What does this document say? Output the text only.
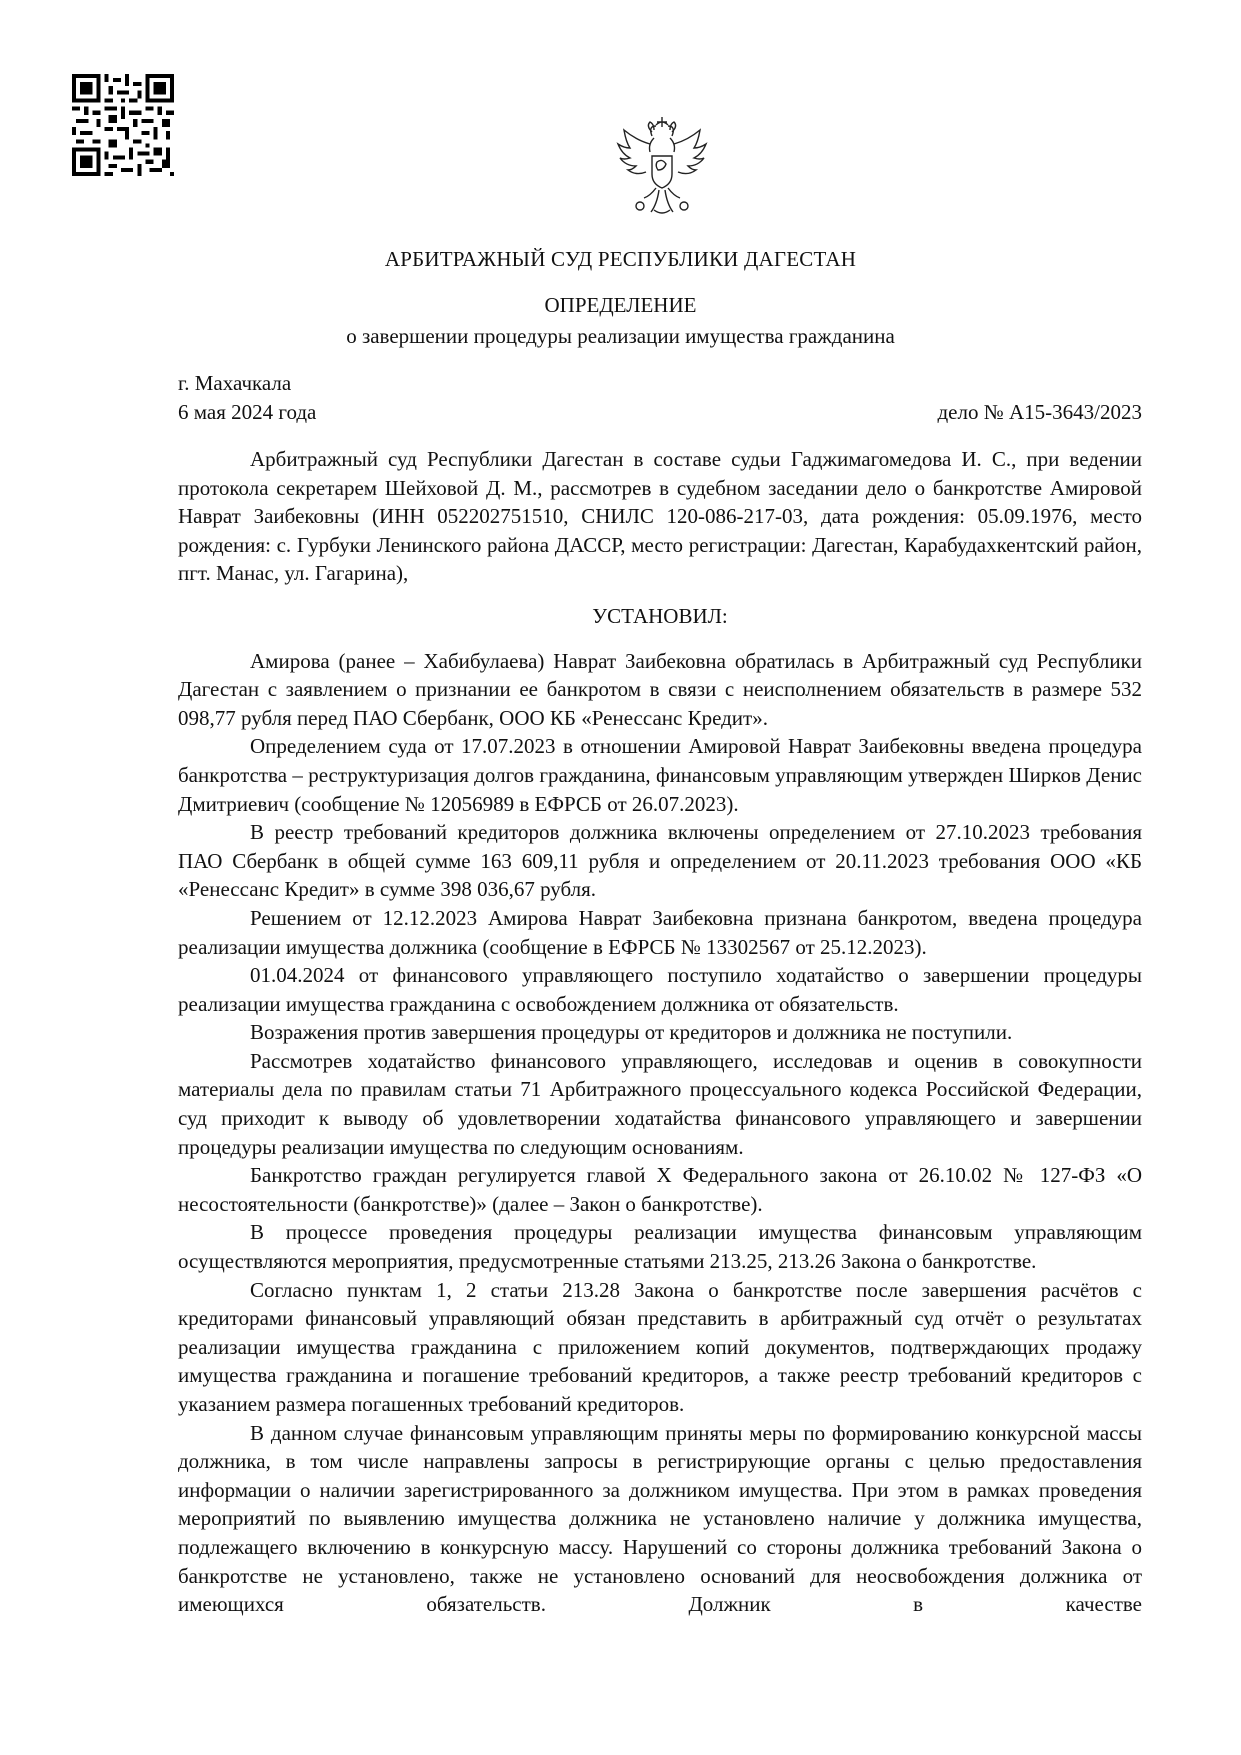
АРБИТРАЖНЫЙ СУД РЕСПУБЛИКИ ДАГЕСТАН
ОПРЕДЕЛЕНИЕ
о завершении процедуры реализации имущества гражданина
г. Махачкала
6 мая 2024 года	дело № А15-3643/2023

Арбитражный суд Республики Дагестан в составе судьи Гаджимагомедова И. С., при ведении протокола секретарем Шейховой Д. М., рассмотрев в судебном заседании дело о банкротстве Амировой Наврат Заибековны (ИНН 052202751510, СНИЛС 120-086-217-03, дата рождения: 05.09.1976, место рождения: с. Гурбуки Ленинского района ДАССР, место регистрации: Дагестан, Карабудахкентский район, пгт. Манас, ул. Гагарина),

УСТАНОВИЛ:

Амирова (ранее – Хабибулаева) Наврат Заибековна обратилась в Арбитражный суд Республики Дагестан с заявлением о признании ее банкротом в связи с неисполнением обязательств в размере 532 098,77 рубля перед ПАО Сбербанк, ООО КБ «Ренессанс Кредит».

Определением суда от 17.07.2023 в отношении Амировой Наврат Заибековны введена процедура банкротства – реструктуризация долгов гражданина, финансовым управляющим утвержден Ширков Денис Дмитриевич (сообщение № 12056989 в ЕФРСБ от 26.07.2023).

В реестр требований кредиторов должника включены определением от 27.10.2023 требования ПАО Сбербанк в общей сумме 163 609,11 рубля и определением от 20.11.2023 требования ООО «КБ «Ренессанс Кредит» в сумме 398 036,67 рубля.

Решением от 12.12.2023 Амирова Наврат Заибековна признана банкротом, введена процедура реализации имущества должника (сообщение в ЕФРСБ № 13302567 от 25.12.2023).

01.04.2024 от финансового управляющего поступило ходатайство о завершении процедуры реализации имущества гражданина с освобождением должника от обязательств.

Возражения против завершения процедуры от кредиторов и должника не поступили.

Рассмотрев ходатайство финансового управляющего, исследовав и оценив в совокупности материалы дела по правилам статьи 71 Арбитражного процессуального кодекса Российской Федерации, суд приходит к выводу об удовлетворении ходатайства финансового управляющего и завершении процедуры реализации имущества по следующим основаниям.

Банкротство граждан регулируется главой X Федерального закона от 26.10.02 № 127-ФЗ «О несостоятельности (банкротстве)» (далее – Закон о банкротстве).

В процессе проведения процедуры реализации имущества финансовым управляющим осуществляются мероприятия, предусмотренные статьями 213.25, 213.26 Закона о банкротстве.

Согласно пунктам 1, 2 статьи 213.28 Закона о банкротстве после завершения расчётов с кредиторами финансовый управляющий обязан представить в арбитражный суд отчёт о результатах реализации имущества гражданина с приложением копий документов, подтверждающих продажу имущества гражданина и погашение требований кредиторов, а также реестр требований кредиторов с указанием размера погашенных требований кредиторов.

В данном случае финансовым управляющим приняты меры по формированию конкурсной массы должника, в том числе направлены запросы в регистрирующие органы с целью предоставления информации о наличии зарегистрированного за должником имущества. При этом в рамках проведения мероприятий по выявлению имущества должника не установлено наличие у должника имущества, подлежащего включению в конкурсную массу. Нарушений со стороны должника требований Закона о банкротстве не установлено, также не установлено оснований для неосвобождения должника от имеющихся обязательств. Должник в качестве
